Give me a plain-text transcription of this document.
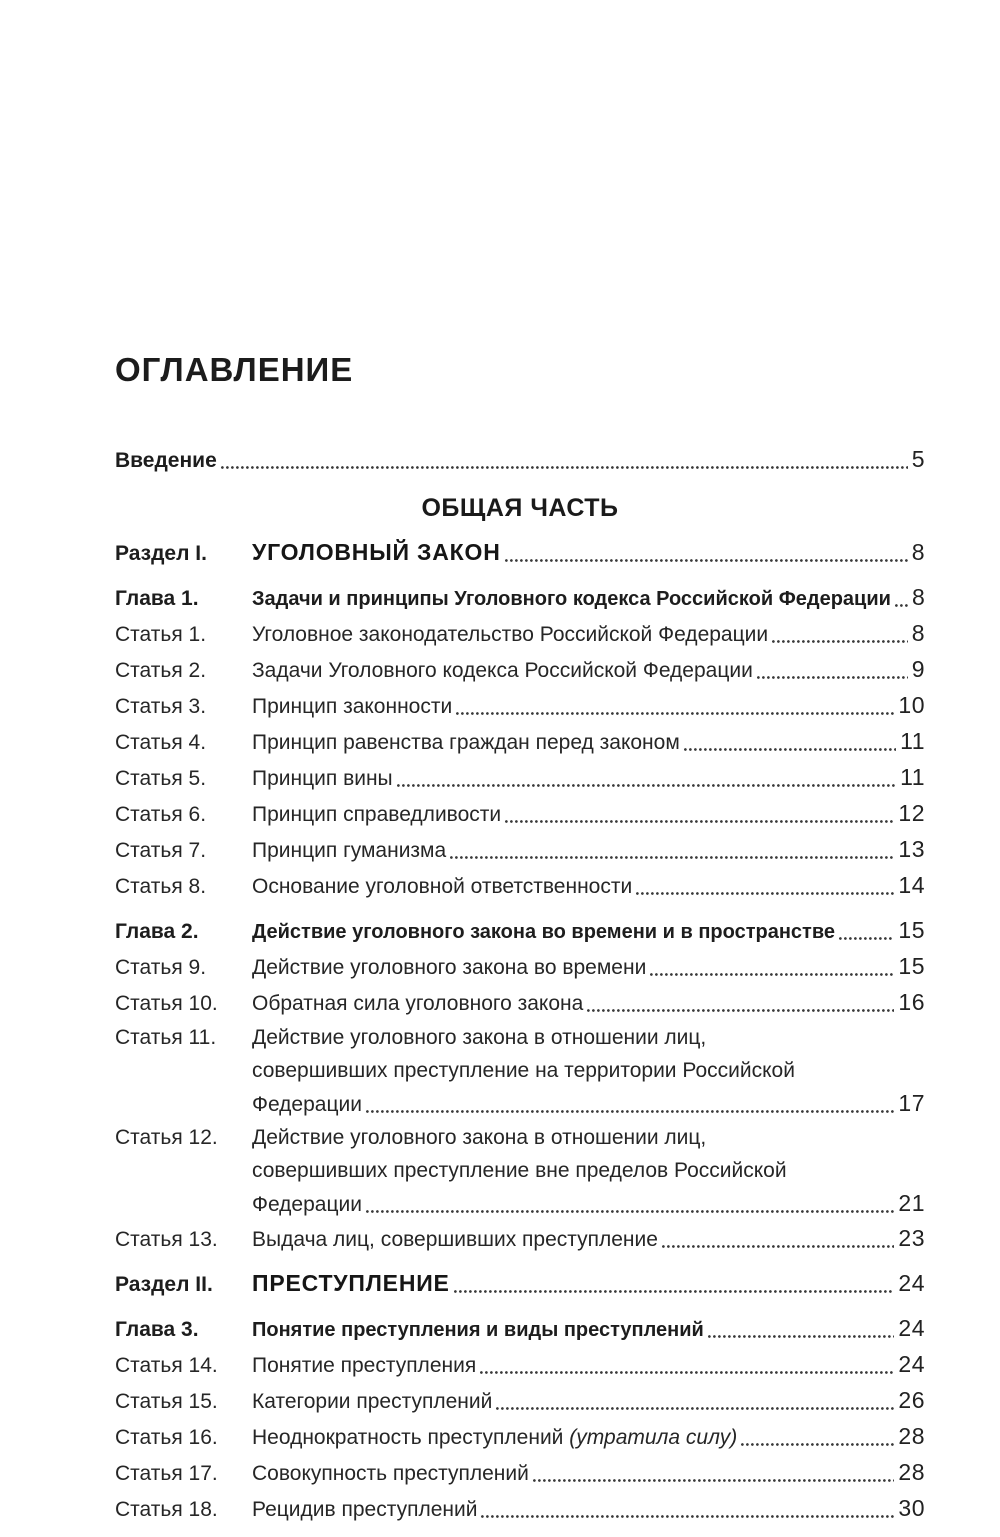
ОГЛАВЛЕНИЕ
Введение	5
ОБЩАЯ ЧАСТЬ
Раздел I.	УГОЛОВНЫЙ ЗАКОН	8
Глава 1.	Задачи и принципы Уголовного кодекса Российской Федерации 8
Статья 1.	Уголовное законодательство Российской Федерации	8
Статья 2.	Задачи Уголовного кодекса Российской Федерации	9
Статья 3.	Принцип законности	10
Статья 4.	Принцип равенства граждан перед законом	11
Статья 5.	Принцип вины	11
Статья 6.	Принцип справедливости	12
Статья 7.	Принцип гуманизма	13
Статья 8.	Основание уголовной ответственности	14
Глава 2.	Действие уголовного закона во времени и в пространстве	15
Статья 9.	Действие уголовного закона во времени	15
Статья 10.	Обратная сила уголовного закона	16
Статья 11.	Действие уголовного закона в отношении лиц,
совершивших преступление на территории Российской
Федерации	17
Статья 12.	Действие уголовного закона в отношении лиц,
совершивших преступление вне пределов Российской
Федерации	21
Статья 13.	Выдача лиц, совершивших преступление	23
Раздел II.	ПРЕСТУПЛЕНИЕ	24
Глава 3.	Понятие преступления и виды преступлений	24
Статья 14.	Понятие преступления	24
Статья 15.	Категории преступлений	26
Статья 16.	Неоднократность преступлений (утратила силу)	28
Статья 17.	Совокупность преступлений	28
Статья 18.	Рецидив преступлений	30
